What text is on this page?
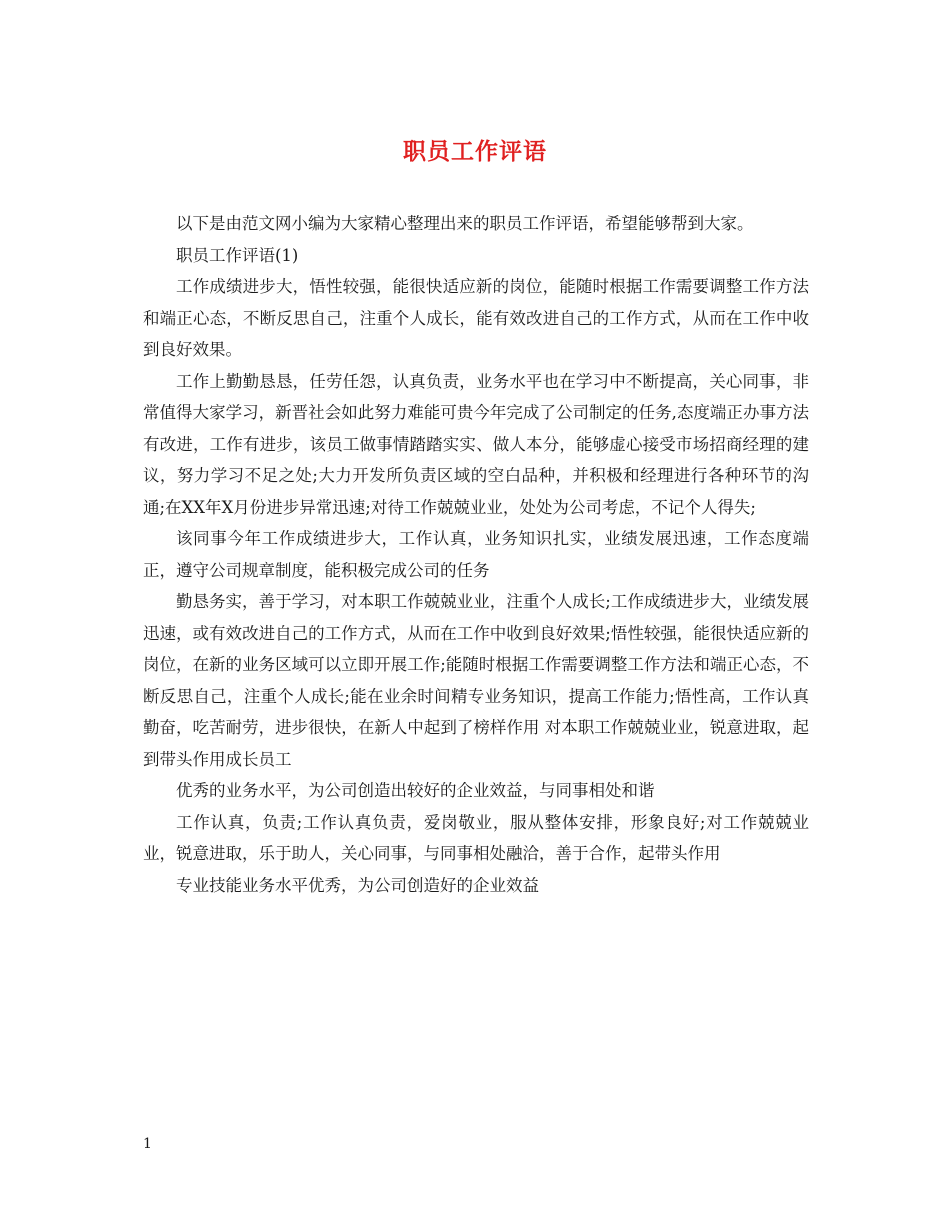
职员工作评语

以下是由范文网小编为大家精心整理出来的职员工作评语，希望能够帮到大家。

职员工作评语(1)

工作成绩进步大，悟性较强，能很快适应新的岗位，能随时根据工作需要调整工作方法和端正心态，不断反思自己，注重个人成长，能有效改进自己的工作方式，从而在工作中收到良好效果。

工作上勤勤恳恳，任劳任怨，认真负责，业务水平也在学习中不断提高，关心同事，非常值得大家学习，新晋社会如此努力难能可贵今年完成了公司制定的任务,态度端正办事方法有改进，工作有进步，该员工做事情踏踏实实、做人本分，能够虚心接受市场招商经理的建议，努力学习不足之处;大力开发所负责区域的空白品种，并积极和经理进行各种环节的沟通;在XX年X月份进步异常迅速;对待工作兢兢业业，处处为公司考虑，不记个人得失;

该同事今年工作成绩进步大，工作认真，业务知识扎实，业绩发展迅速，工作态度端正，遵守公司规章制度，能积极完成公司的任务

勤恳务实，善于学习，对本职工作兢兢业业，注重个人成长;工作成绩进步大，业绩发展迅速，或有效改进自己的工作方式，从而在工作中收到良好效果;悟性较强，能很快适应新的岗位，在新的业务区域可以立即开展工作;能随时根据工作需要调整工作方法和端正心态，不断反思自己，注重个人成长;能在业余时间精专业务知识，提高工作能力;悟性高，工作认真勤奋，吃苦耐劳，进步很快，在新人中起到了榜样作用 对本职工作兢兢业业，锐意进取，起到带头作用成长员工

优秀的业务水平，为公司创造出较好的企业效益，与同事相处和谐

工作认真，负责;工作认真负责，爱岗敬业，服从整体安排，形象良好;对工作兢兢业业，锐意进取，乐于助人，关心同事，与同事相处融洽，善于合作，起带头作用

专业技能业务水平优秀，为公司创造好的企业效益

1
